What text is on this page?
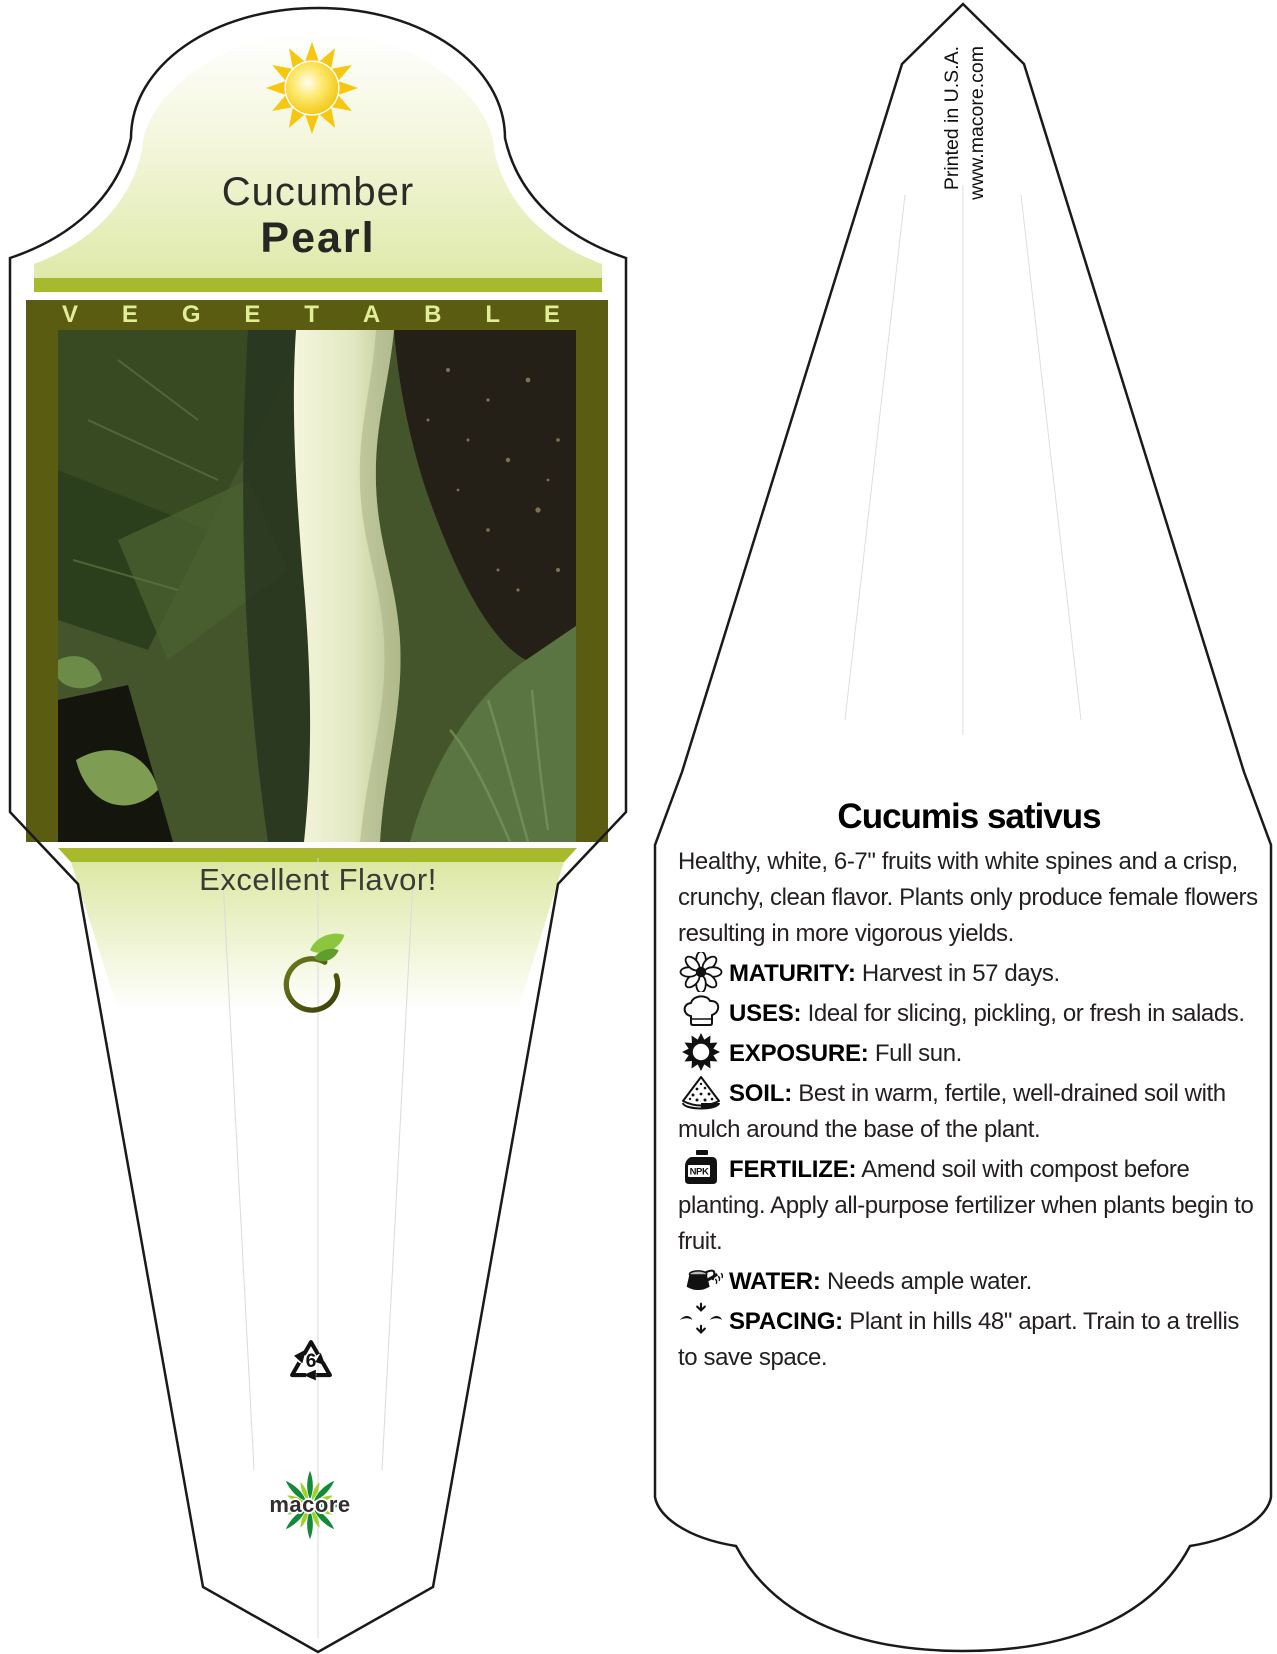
Cucumber
Pearl
V E G E T A B L E
Excellent Flavor!
6
macore
Printed in U.S.A. www.macore.com
Cucumis sativus

Healthy, white, 6-7" fruits with white spines and a crisp, crunchy, clean flavor. Plants only produce female flowers resulting in more vigorous yields.

MATURITY: Harvest in 57 days.

USES: Ideal for slicing, pickling, or fresh in salads.

EXPOSURE: Full sun.

SOIL: Best in warm, fertile, well-drained soil with mulch around the base of the plant.

NPK FERTILIZE: Amend soil with compost before planting. Apply all-purpose fertilizer when plants begin to fruit.

WATER: Needs ample water.

SPACING: Plant in hills 48" apart. Train to a trellis to save space.
